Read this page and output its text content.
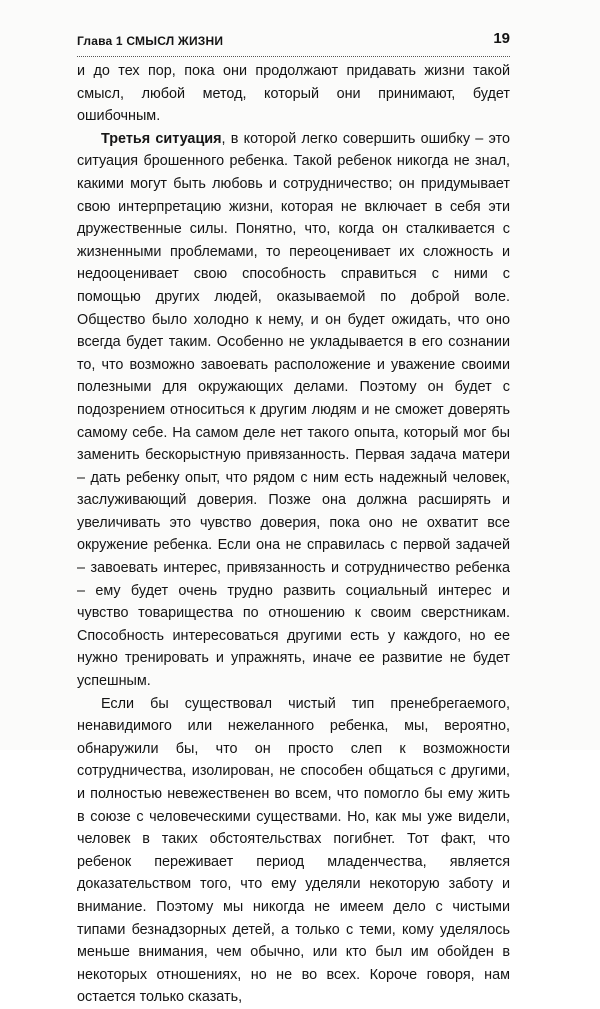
Глава 1 СМЫСЛ ЖИЗНИ	19

и до тех пор, пока они продолжают придавать жизни такой смысл, любой метод, который они принимают, будет ошибочным.

Третья ситуация, в которой легко совершить ошибку – это ситуация брошенного ребенка. Такой ребенок никогда не знал, какими могут быть любовь и сотрудничество; он придумывает свою интерпретацию жизни, которая не включает в себя эти дружественные силы. Понятно, что, когда он сталкивается с жизненными проблемами, то переоценивает их сложность и недооценивает свою способность справиться с ними с помощью других людей, оказываемой по доброй воле. Общество было холодно к нему, и он будет ожидать, что оно всегда будет таким. Особенно не укладывается в его сознании то, что возможно завоевать расположение и уважение своими полезными для окружающих делами. Поэтому он будет с подозрением относиться к другим людям и не сможет доверять самому себе. На самом деле нет такого опыта, который мог бы заменить бескорыстную привязанность. Первая задача матери – дать ребенку опыт, что рядом с ним есть надежный человек, заслуживающий доверия. Позже она должна расширять и увеличивать это чувство доверия, пока оно не охватит все окружение ребенка. Если она не справилась с первой задачей – завоевать интерес, привязанность и сотрудничество ребенка – ему будет очень трудно развить социальный интерес и чувство товарищества по отношению к своим сверстникам. Способность интересоваться другими есть у каждого, но ее нужно тренировать и упражнять, иначе ее развитие не будет успешным.

Если бы существовал чистый тип пренебрегаемого, ненавидимого или нежеланного ребенка, мы, вероятно, обнаружили бы, что он просто слеп к возможности сотрудничества, изолирован, не способен общаться с другими, и полностью невежественен во всем, что помогло бы ему жить в союзе с человеческими существами. Но, как мы уже видели, человек в таких обстоятельствах погибнет. Тот факт, что ребенок переживает период младенчества, является доказательством того, что ему уделяли некоторую заботу и внимание. Поэтому мы никогда не имеем дело с чистыми типами безнадзорных детей, а только с теми, кому уделялось меньше внимания, чем обычно, или кто был им обойден в некоторых отношениях, но не во всех. Короче говоря, нам остается только сказать,
